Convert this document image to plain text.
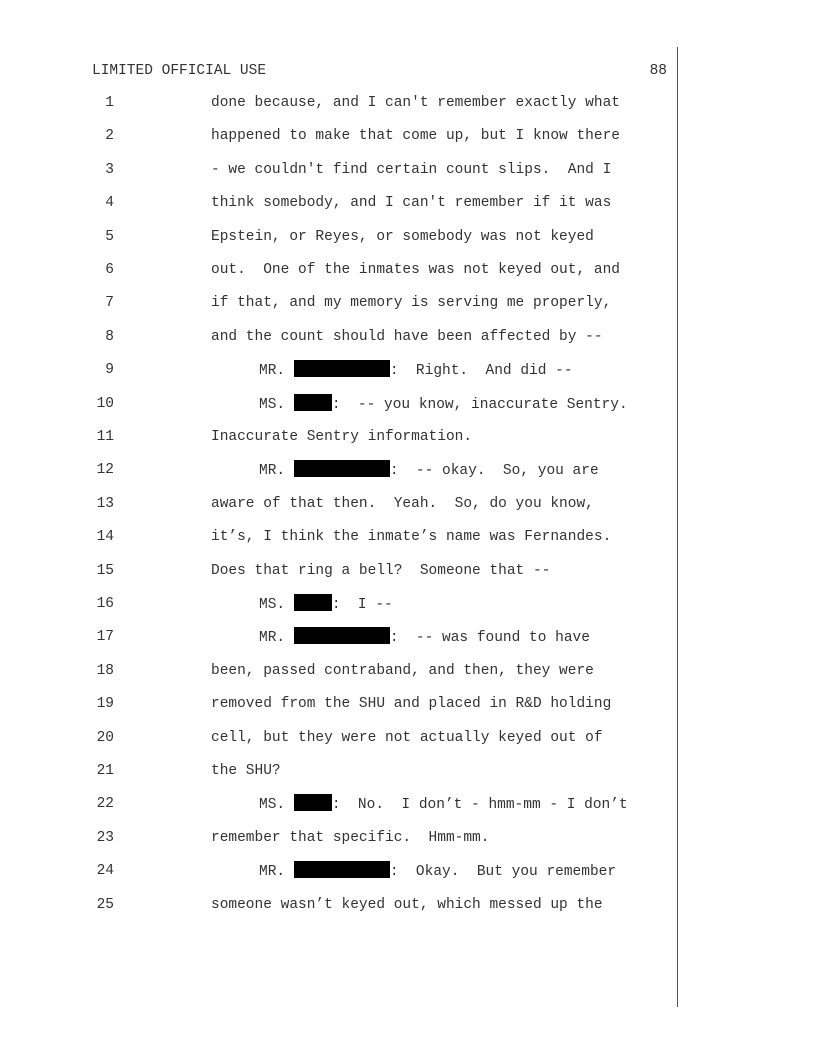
LIMITED OFFICIAL USE	88
1	done because, and I can't remember exactly what
2	happened to make that come up, but I know there
3	- we couldn't find certain count slips.  And I
4	think somebody, and I can't remember if it was
5	Epstein, or Reyes, or somebody was not keyed
6	out.  One of the inmates was not keyed out, and
7	if that, and my memory is serving me properly,
8	and the count should have been affected by --
9	MR.	:  Right.  And did --
10	MS.	:  -- you know, inaccurate Sentry.
11	Inaccurate Sentry information.
12	MR.	:  -- okay.  So, you are
13	aware of that then.  Yeah.  So, do you know,
14	it’s, I think the inmate’s name was Fernandes.
15	Does that ring a bell?  Someone that --
16	MS.	:  I --
17	MR.	:  -- was found to have
18	been, passed contraband, and then, they were
19	removed from the SHU and placed in R&D holding
20	cell, but they were not actually keyed out of
21	the SHU?
22	MS.	:  No.  I don’t - hmm-mm - I don’t
23	remember that specific.  Hmm-mm.
24	MR.	:  Okay.  But you remember
25	someone wasn’t keyed out, which messed up the
